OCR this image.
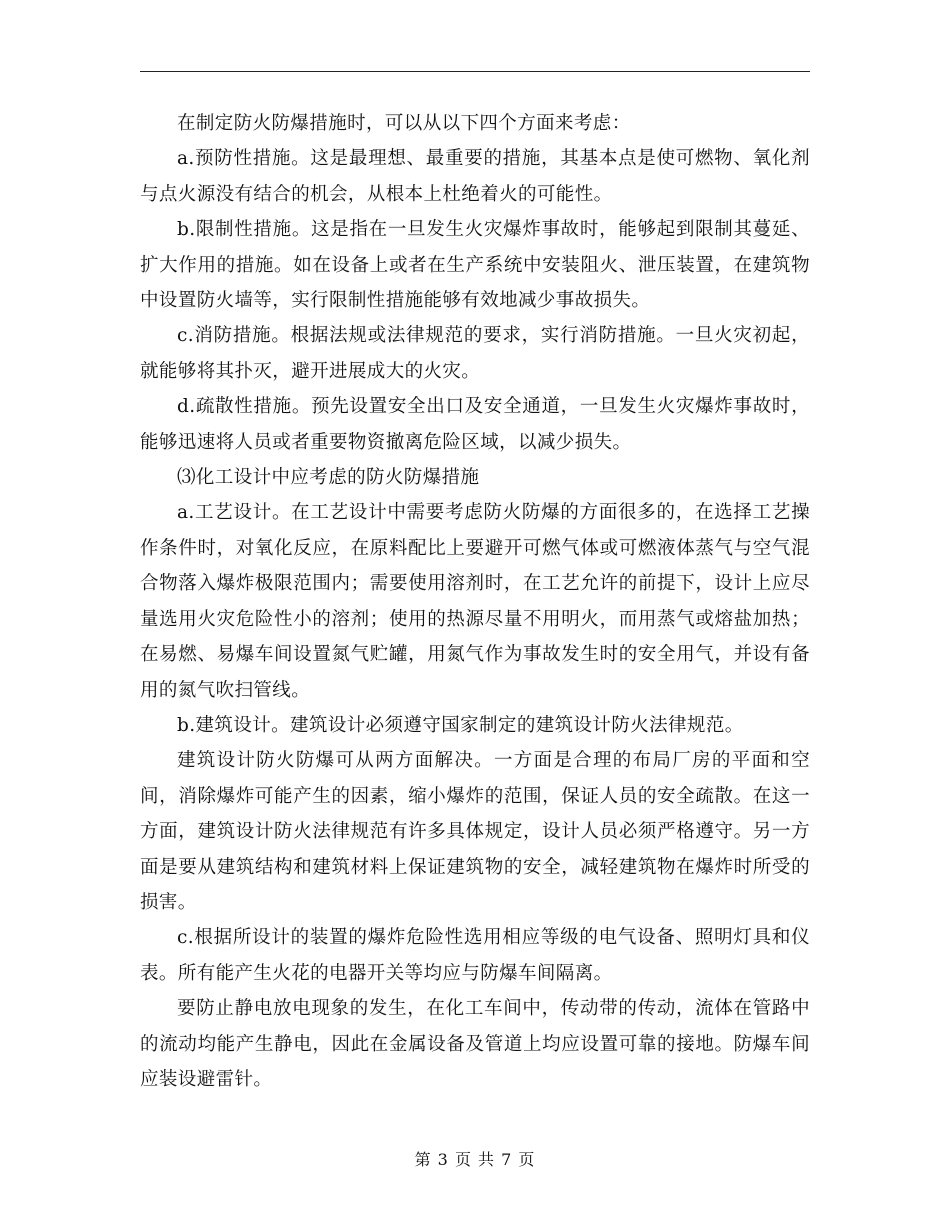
在制定防火防爆措施时，可以从以下四个方面来考虑：

a.预防性措施。这是最理想、最重要的措施，其基本点是使可燃物、氧化剂与点火源没有结合的机会，从根本上杜绝着火的可能性。

b.限制性措施。这是指在一旦发生火灾爆炸事故时，能够起到限制其蔓延、扩大作用的措施。如在设备上或者在生产系统中安装阻火、泄压装置，在建筑物中设置防火墙等，实行限制性措施能够有效地减少事故损失。

c.消防措施。根据法规或法律规范的要求，实行消防措施。一旦火灾初起，就能够将其扑灭，避开进展成大的火灾。

d.疏散性措施。预先设置安全出口及安全通道，一旦发生火灾爆炸事故时，能够迅速将人员或者重要物资撤离危险区域，以减少损失。

⑶化工设计中应考虑的防火防爆措施

a.工艺设计。在工艺设计中需要考虑防火防爆的方面很多的，在选择工艺操作条件时，对氧化反应，在原料配比上要避开可燃气体或可燃液体蒸气与空气混合物落入爆炸极限范围内；需要使用溶剂时，在工艺允许的前提下，设计上应尽量选用火灾危险性小的溶剂；使用的热源尽量不用明火，而用蒸气或熔盐加热；在易燃、易爆车间设置氮气贮罐，用氮气作为事故发生时的安全用气，并设有备用的氮气吹扫管线。

b.建筑设计。建筑设计必须遵守国家制定的建筑设计防火法律规范。

建筑设计防火防爆可从两方面解决。一方面是合理的布局厂房的平面和空间，消除爆炸可能产生的因素，缩小爆炸的范围，保证人员的安全疏散。在这一方面，建筑设计防火法律规范有许多具体规定，设计人员必须严格遵守。另一方面是要从建筑结构和建筑材料上保证建筑物的安全，减轻建筑物在爆炸时所受的损害。

c.根据所设计的装置的爆炸危险性选用相应等级的电气设备、照明灯具和仪表。所有能产生火花的电器开关等均应与防爆车间隔离。

要防止静电放电现象的发生，在化工车间中，传动带的传动，流体在管路中的流动均能产生静电，因此在金属设备及管道上均应设置可靠的接地。防爆车间应装设避雷针。

第 3 页 共 7 页
